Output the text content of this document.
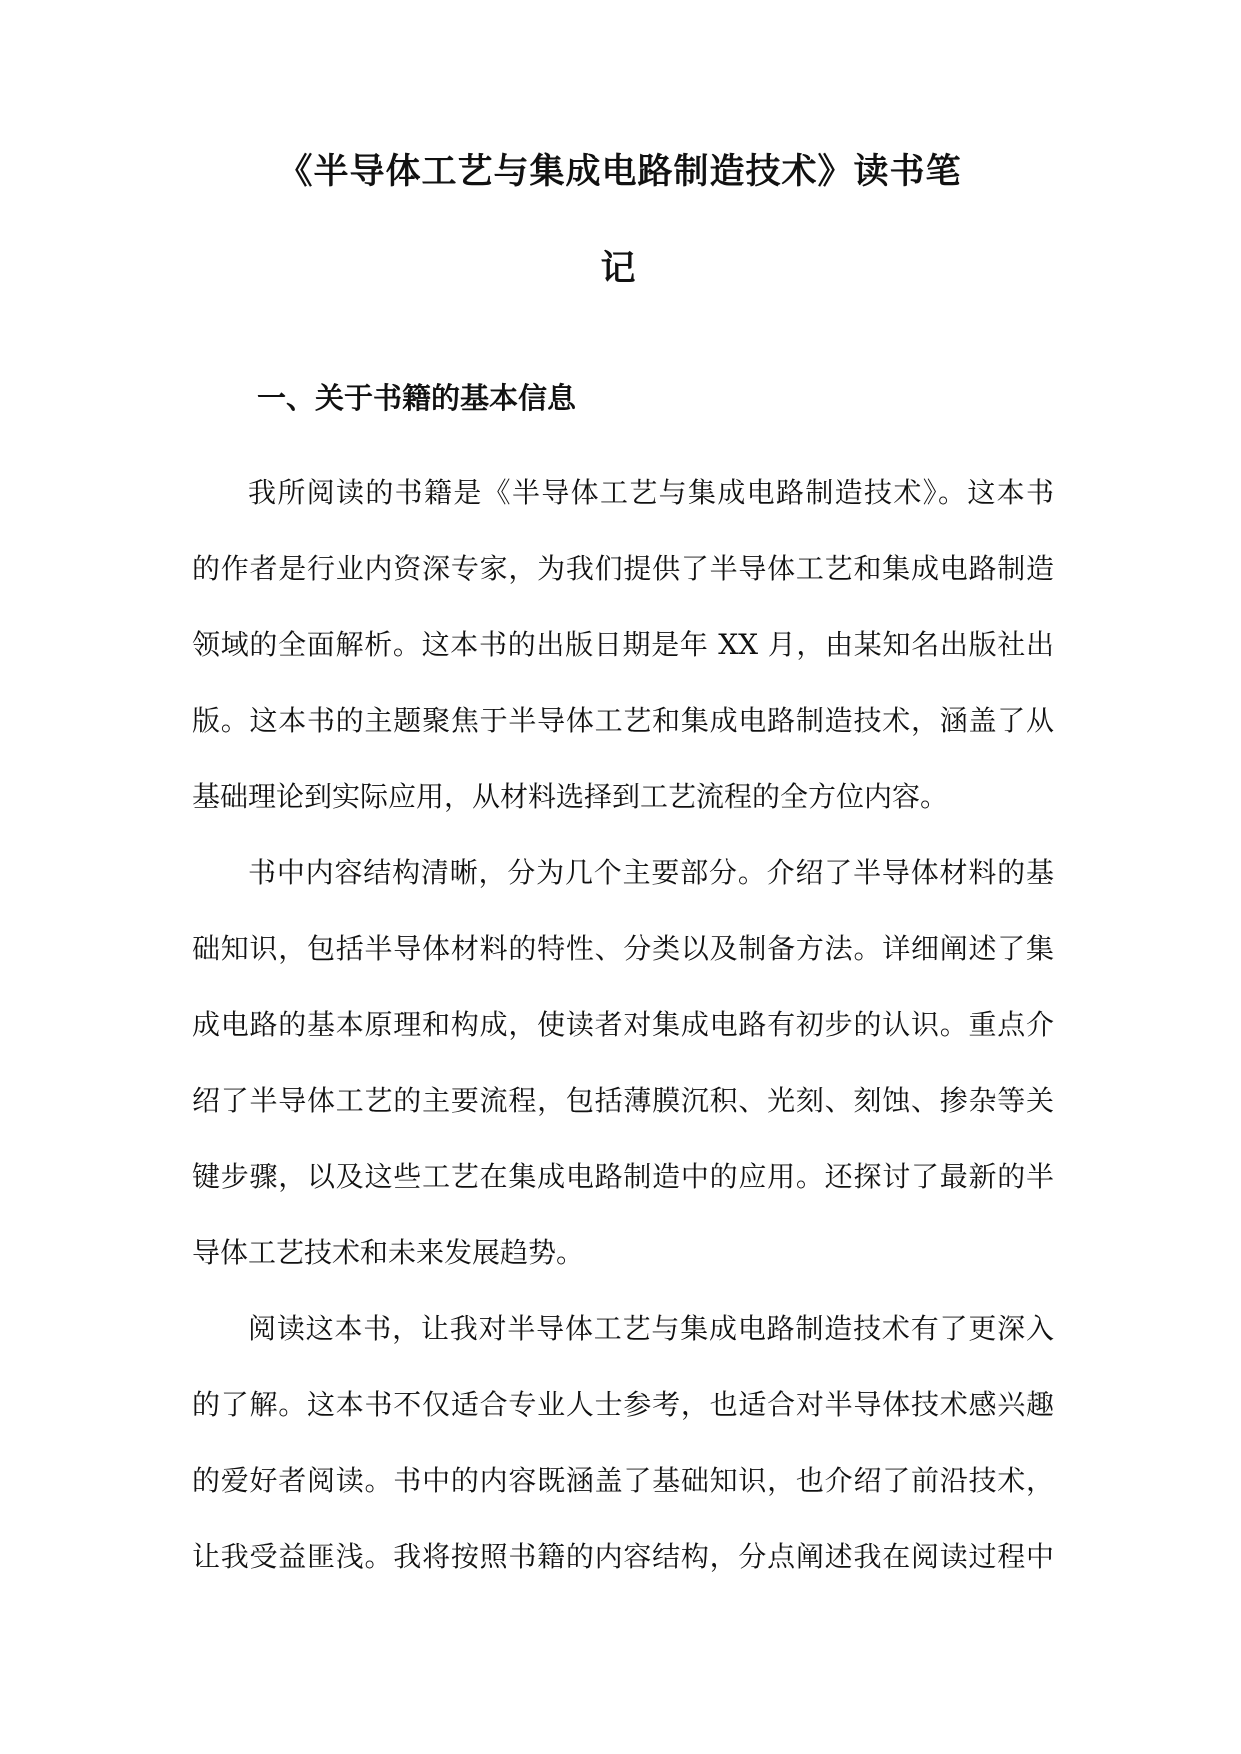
《半导体工艺与集成电路制造技术》读书笔
记
一、关于书籍的基本信息

我所阅读的书籍是《半导体工艺与集成电路制造技术》。这本书
的作者是行业内资深专家，为我们提供了半导体工艺和集成电路制造
领域的全面解析。这本书的出版日期是年 XX 月，由某知名出版社出
版。这本书的主题聚焦于半导体工艺和集成电路制造技术，涵盖了从
基础理论到实际应用，从材料选择到工艺流程的全方位内容。

书中内容结构清晰，分为几个主要部分。介绍了半导体材料的基
础知识，包括半导体材料的特性、分类以及制备方法。详细阐述了集
成电路的基本原理和构成，使读者对集成电路有初步的认识。重点介
绍了半导体工艺的主要流程，包括薄膜沉积、光刻、刻蚀、掺杂等关
键步骤，以及这些工艺在集成电路制造中的应用。还探讨了最新的半
导体工艺技术和未来发展趋势。

阅读这本书，让我对半导体工艺与集成电路制造技术有了更深入
的了解。这本书不仅适合专业人士参考，也适合对半导体技术感兴趣
的爱好者阅读。书中的内容既涵盖了基础知识，也介绍了前沿技术，
让我受益匪浅。我将按照书籍的内容结构，分点阐述我在阅读过程中
